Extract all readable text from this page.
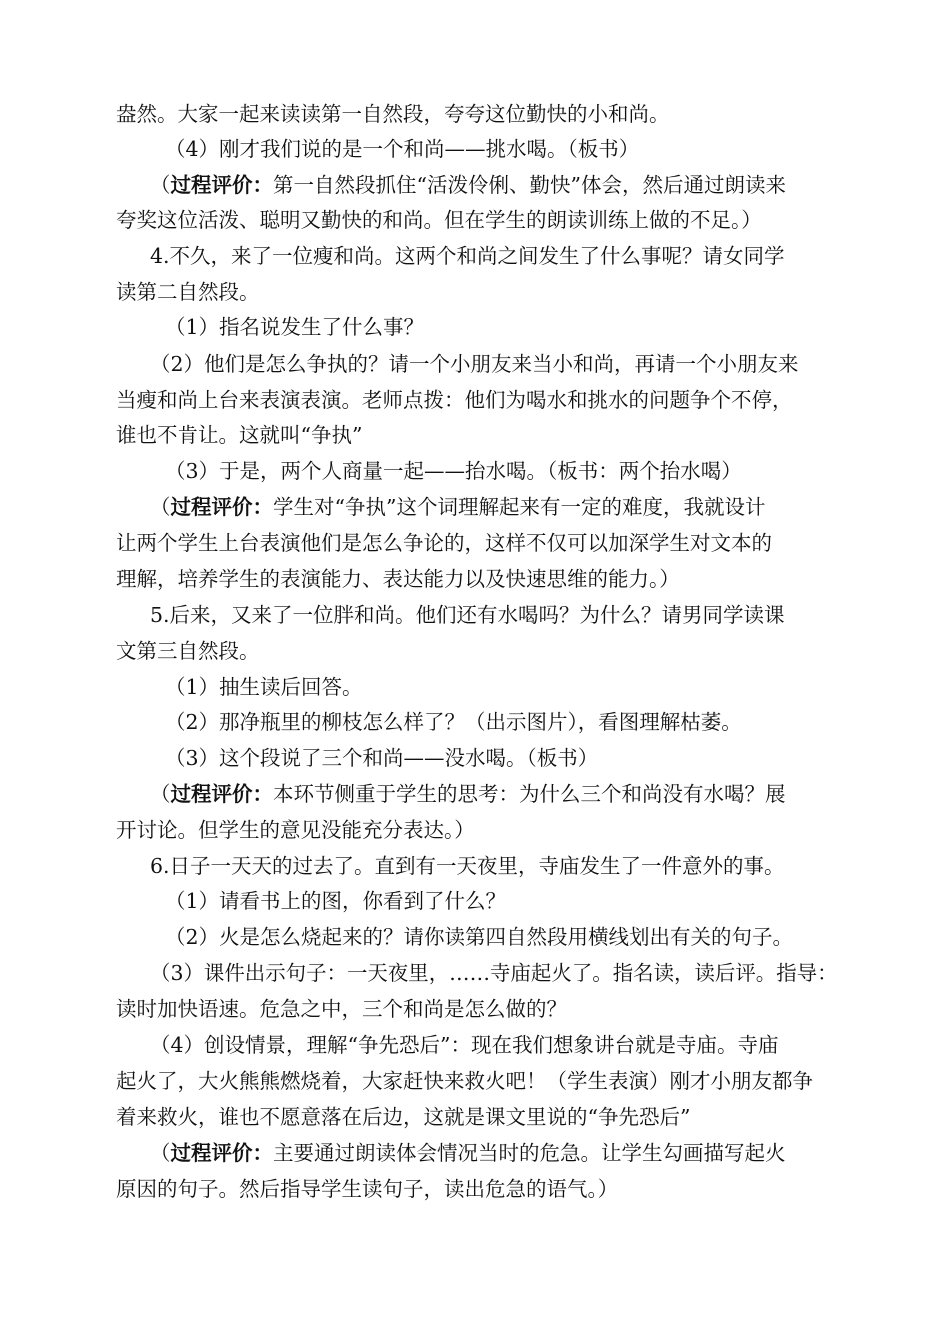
盎然。大家一起来读读第一自然段，夸夸这位勤快的小和尚。
（4）刚才我们说的是一个和尚——挑水喝。（板书）
（过程评价：第一自然段抓住“活泼伶俐、勤快”体会，然后通过朗读来
夸奖这位活泼、聪明又勤快的和尚。但在学生的朗读训练上做的不足。）
4.不久，来了一位瘦和尚。这两个和尚之间发生了什么事呢？请女同学
读第二自然段。
（1）指名说发生了什么事？
（2）他们是怎么争执的？请一个小朋友来当小和尚，再请一个小朋友来
当瘦和尚上台来表演表演。老师点拨：他们为喝水和挑水的问题争个不停，
谁也不肯让。这就叫“争执”
（3）于是，两个人商量一起——抬水喝。（板书：两个抬水喝）
（过程评价：学生对“争执”这个词理解起来有一定的难度，我就设计
让两个学生上台表演他们是怎么争论的，这样不仅可以加深学生对文本的
理解，培养学生的表演能力、表达能力以及快速思维的能力。）
5.后来，又来了一位胖和尚。他们还有水喝吗？为什么？请男同学读课
文第三自然段。
（1）抽生读后回答。
（2）那净瓶里的柳枝怎么样了？（出示图片），看图理解枯萎。
（3）这个段说了三个和尚——没水喝。（板书）
（过程评价：本环节侧重于学生的思考：为什么三个和尚没有水喝？展
开讨论。但学生的意见没能充分表达。）
6.日子一天天的过去了。直到有一天夜里，寺庙发生了一件意外的事。
（1）请看书上的图，你看到了什么？
（2）火是怎么烧起来的？请你读第四自然段用横线划出有关的句子。
（3）课件出示句子：一天夜里，……寺庙起火了。指名读，读后评。指导：
读时加快语速。危急之中，三个和尚是怎么做的？
（4）创设情景，理解“争先恐后”：现在我们想象讲台就是寺庙。寺庙
起火了，大火熊熊燃烧着，大家赶快来救火吧！（学生表演）刚才小朋友都争
着来救火，谁也不愿意落在后边，这就是课文里说的“争先恐后”
（过程评价：主要通过朗读体会情况当时的危急。让学生勾画描写起火
原因的句子。然后指导学生读句子，读出危急的语气。）
